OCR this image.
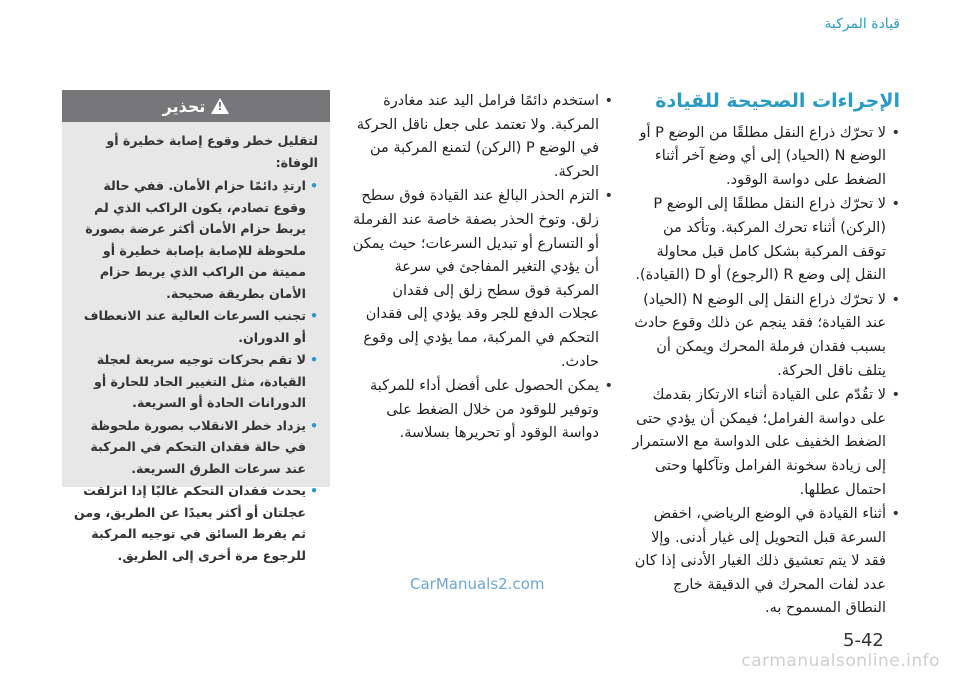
قيادة المركبة
الإجراءات الصحيحة للقيادة
• لا تحرّك ذراع النقل مطلقًا من الوضع P أو الوضع N (الحياد) إلى أي وضع آخر أثناء الضغط على دواسة الوقود.
• لا تحرّك ذراع النقل مطلقًا إلى الوضع P (الركن) أثناء تحرك المركبة. وتأكد من توقف المركبة بشكل كامل قبل محاولة النقل إلى وضع R (الرجوع) أو D (القيادة).
• لا تحرّك ذراع النقل إلى الوضع N (الحياد) عند القيادة؛ فقد ينجم عن ذلك وقوع حادث بسبب فقدان فرملة المحرك ويمكن أن يتلف ناقل الحركة.
• لا تقُدّم على القيادة أثناء الارتكاز بقدمك على دواسة الفرامل؛ فيمكن أن يؤدي حتى الضغط الخفيف على الدواسة مع الاستمرار إلى زيادة سخونة الفرامل وتآكلها وحتى احتمال عطلها.
• أثناء القيادة في الوضع الرياضي، اخفض السرعة قبل التحويل إلى غيار أدنى. وإلا فقد لا يتم تعشيق ذلك الغيار الأدنى إذا كان عدد لفات المحرك في الدقيقة خارج النطاق المسموح به.
• استخدم دائمًا فرامل اليد عند مغادرة المركبة. ولا تعتمد على جعل ناقل الحركة في الوضع P (الركن) لتمنع المركبة من الحركة.
• التزم الحذر البالغ عند القيادة فوق سطح زلق. وتوخ الحذر بصفة خاصة عند الفرملة أو التسارع أو تبديل السرعات؛ حيث يمكن أن يؤدي التغير المفاجئ في سرعة المركبة فوق سطح زلق إلى فقدان عجلات الدفع للجر وقد يؤدي إلى فقدان التحكم في المركبة، مما يؤدي إلى وقوع حادث.
• يمكن الحصول على أفضل أداء للمركبة وتوفير للوقود من خلال الضغط على دواسة الوقود أو تحريرها بسلاسة.
!
تحذير
لتقليل خطر وقوع إصابة خطيرة أو الوفاة:
• ارتدِ دائمًا حزام الأمان. ففي حالة وقوع تصادم، يكون الراكب الذي لم يربط حزام الأمان أكثر عرضة بصورة ملحوظة للإصابة بإصابة خطيرة أو مميتة من الراكب الذي يربط حزام الأمان بطريقة صحيحة.
• تجنب السرعات العالية عند الانعطاف أو الدوران.
• لا تقم بحركات توجيه سريعة لعجلة القيادة، مثل التغيير الحاد للحارة أو الدورانات الحادة أو السريعة.
• يزداد خطر الانقلاب بصورة ملحوظة في حالة فقدان التحكم في المركبة عند سرعات الطرق السريعة.
• يحدث فقدان التحكم غالبًا إذا انزلقت عجلتان أو أكثر بعيدًا عن الطريق، ومن ثم يفرط السائق في توجيه المركبة للرجوع مرة أخرى إلى الطريق.
CarManuals2.com
5-42
carmanualsonline.info
